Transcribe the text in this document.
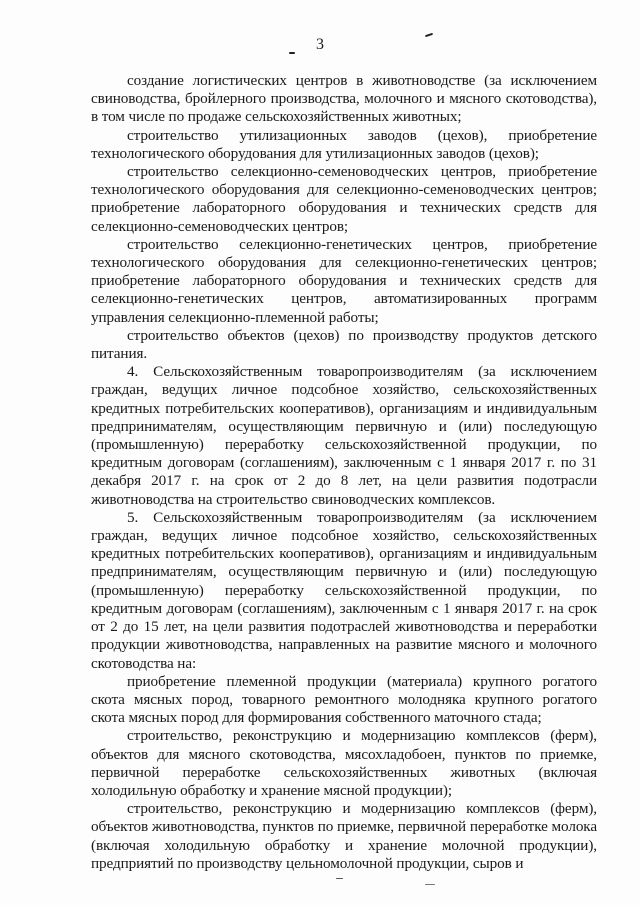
3

создание логистических центров в животноводстве (за исключением свиноводства, бройлерного производства, молочного и мясного скотоводства), в том числе по продаже сельскохозяйственных животных;

строительство утилизационных заводов (цехов), приобретение технологического оборудования для утилизационных заводов (цехов);

строительство селекционно-семеноводческих центров, приобретение технологического оборудования для селекционно-семеноводческих центров; приобретение лабораторного оборудования и технических средств для селекционно-семеноводческих центров;

строительство селекционно-генетических центров, приобретение технологического оборудования для селекционно-генетических центров; приобретение лабораторного оборудования и технических средств для селекционно-генетических центров, автоматизированных программ управления селекционно-племенной работы;

строительство объектов (цехов) по производству продуктов детского питания.

4. Сельскохозяйственным товаропроизводителям (за исключением граждан, ведущих личное подсобное хозяйство, сельскохозяйственных кредитных потребительских кооперативов), организациям и индивидуальным предпринимателям, осуществляющим первичную и (или) последующую (промышленную) переработку сельскохозяйственной продукции, по кредитным договорам (соглашениям), заключенным с 1 января 2017 г. по 31 декабря 2017 г. на срок от 2 до 8 лет, на цели развития подотрасли животноводства на строительство свиноводческих комплексов.

5. Сельскохозяйственным товаропроизводителям (за исключением граждан, ведущих личное подсобное хозяйство, сельскохозяйственных кредитных потребительских кооперативов), организациям и индивидуальным предпринимателям, осуществляющим первичную и (или) последующую (промышленную) переработку сельскохозяйственной продукции, по кредитным договорам (соглашениям), заключенным с 1 января 2017 г. на срок от 2 до 15 лет, на цели развития подотраслей животноводства и переработки продукции животноводства, направленных на развитие мясного и молочного скотоводства на:

приобретение племенной продукции (материала) крупного рогатого скота мясных пород, товарного ремонтного молодняка крупного рогатого скота мясных пород для формирования собственного маточного стада;

строительство, реконструкцию и модернизацию комплексов (ферм), объектов для мясного скотоводства, мясохладобоен, пунктов по приемке, первичной переработке сельскохозяйственных животных (включая холодильную обработку и хранение мясной продукции);

строительство, реконструкцию и модернизацию комплексов (ферм), объектов животноводства, пунктов по приемке, первичной переработке молока (включая холодильную обработку и хранение молочной продукции), предприятий по производству цельномолочной продукции, сыров и
